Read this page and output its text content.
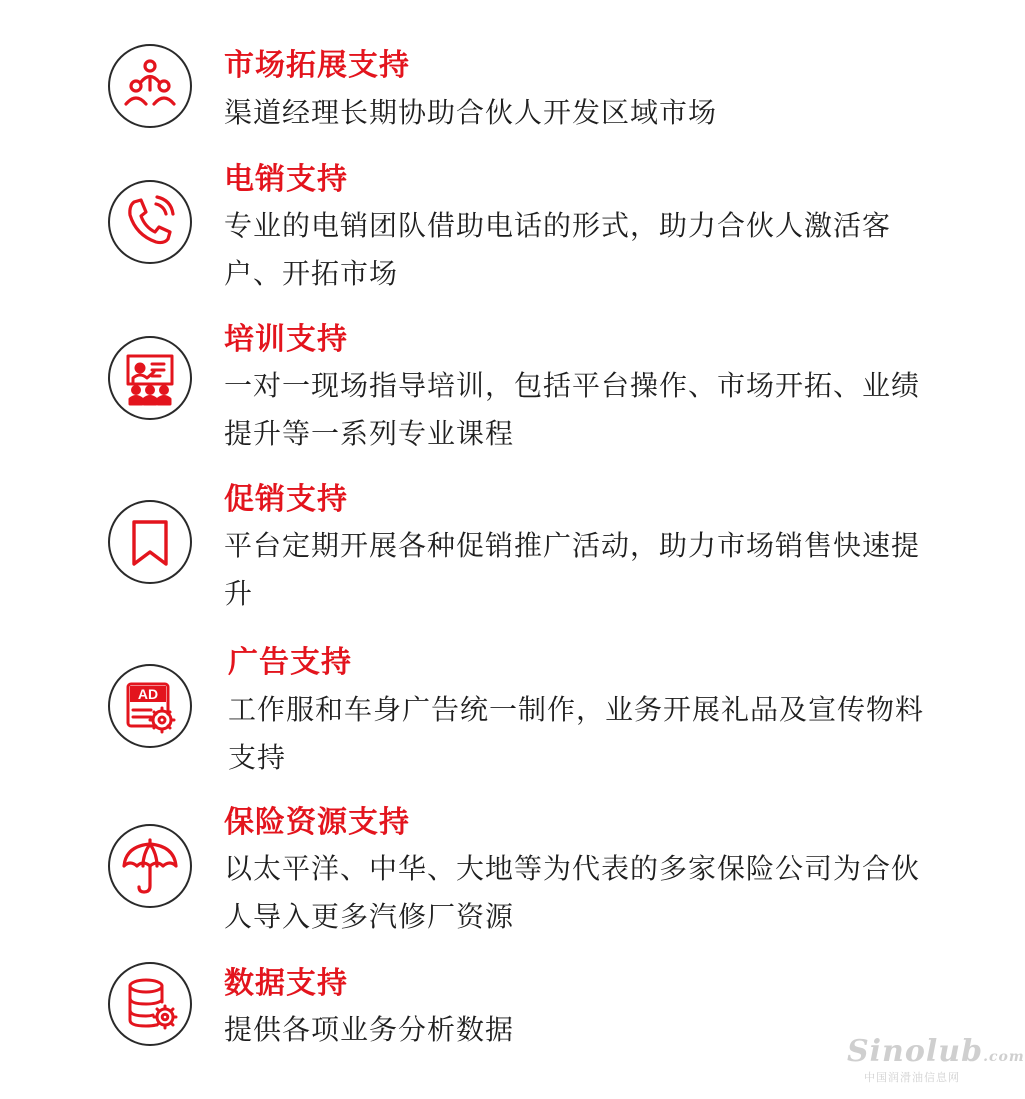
市场拓展支持
渠道经理长期协助合伙人开发区域市场
电销支持
专业的电销团队借助电话的形式，助力合伙人激活客户、开拓市场
培训支持
一对一现场指导培训，包括平台操作、市场开拓、业绩提升等一系列专业课程
促销支持
平台定期开展各种促销推广活动，助力市场销售快速提升
AD
广告支持
工作服和车身广告统一制作，业务开展礼品及宣传物料支持
保险资源支持
以太平洋、中华、大地等为代表的多家保险公司为合伙人导入更多汽修厂资源
数据支持
提供各项业务分析数据
Sinolub.com
中国润滑油信息网
